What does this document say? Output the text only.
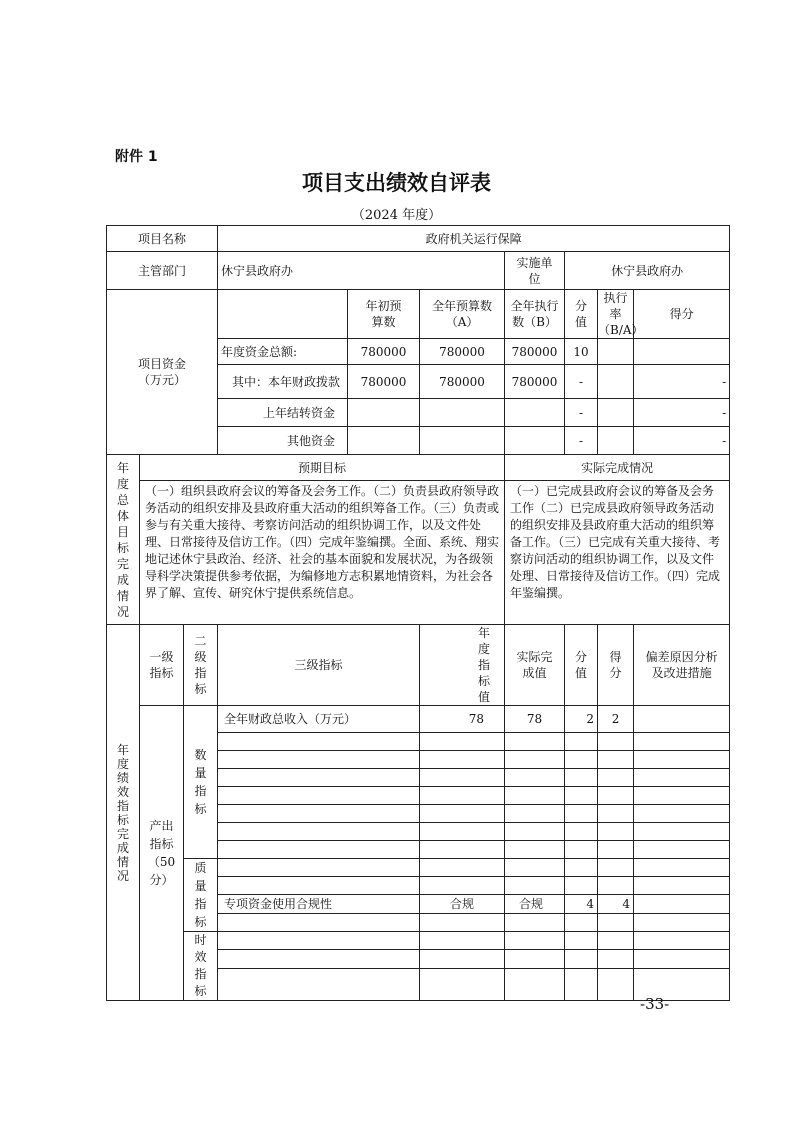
附件 1
项目支出绩效自评表
（2024 年度）
项目名称			政府机关运行保障						
主管部门			休宁县政府办			实施单位	休宁县政府办		
项目资金（万元）				年初预算数	全年预算数（A）	全年执行数（B）	分值	执行率（B/A）	得分
			年度资金总额:	780000	780000	780000	10		
			其中：本年财政拨款	780000	780000	780000	-		-
			上年结转资金				-		-
			其他资金				-		-

年度总体目标完成情况	预期目标					实际完成情况			
	（一）组织县政府会议的筹备及会务工作。（二）负责县政府领导政务活动的组织安排及县政府重大活动的组织筹备工作。（三）负责或参与有关重大接待、考察访问活动的组织协调工作，以及文件处理、日常接待及信访工作。（四）完成年鉴编撰。全面、系统、翔实地记述休宁县政治、经济、社会的基本面貌和发展状况，为各级领导科学决策提供参考依据，为编修地方志积累地情资料，为社会各界了解、宣传、研究休宁提供系统信息。					（一）已完成县政府会议的筹备及会务工作（二）已完成县政府领导政务活动的组织安排及县政府重大活动的组织筹备工作。（三）已完成有关重大接待、考察访问活动的组织协调工作，以及文件处理、日常接待及信访工作。（四）完成年鉴编撰。			

年度绩效指标完成情况	一级指标	二级指标	三级指标		年度指标值	实际完成值	分值	得分	偏差原因分析及改进措施

	产出指标（50分）	数量指标	全年财政总收入（万元）		78	78	2	2	

		质量指标							

			专项资金使用合规性		合规	合规	4	4	

		时效指标							

-33-
